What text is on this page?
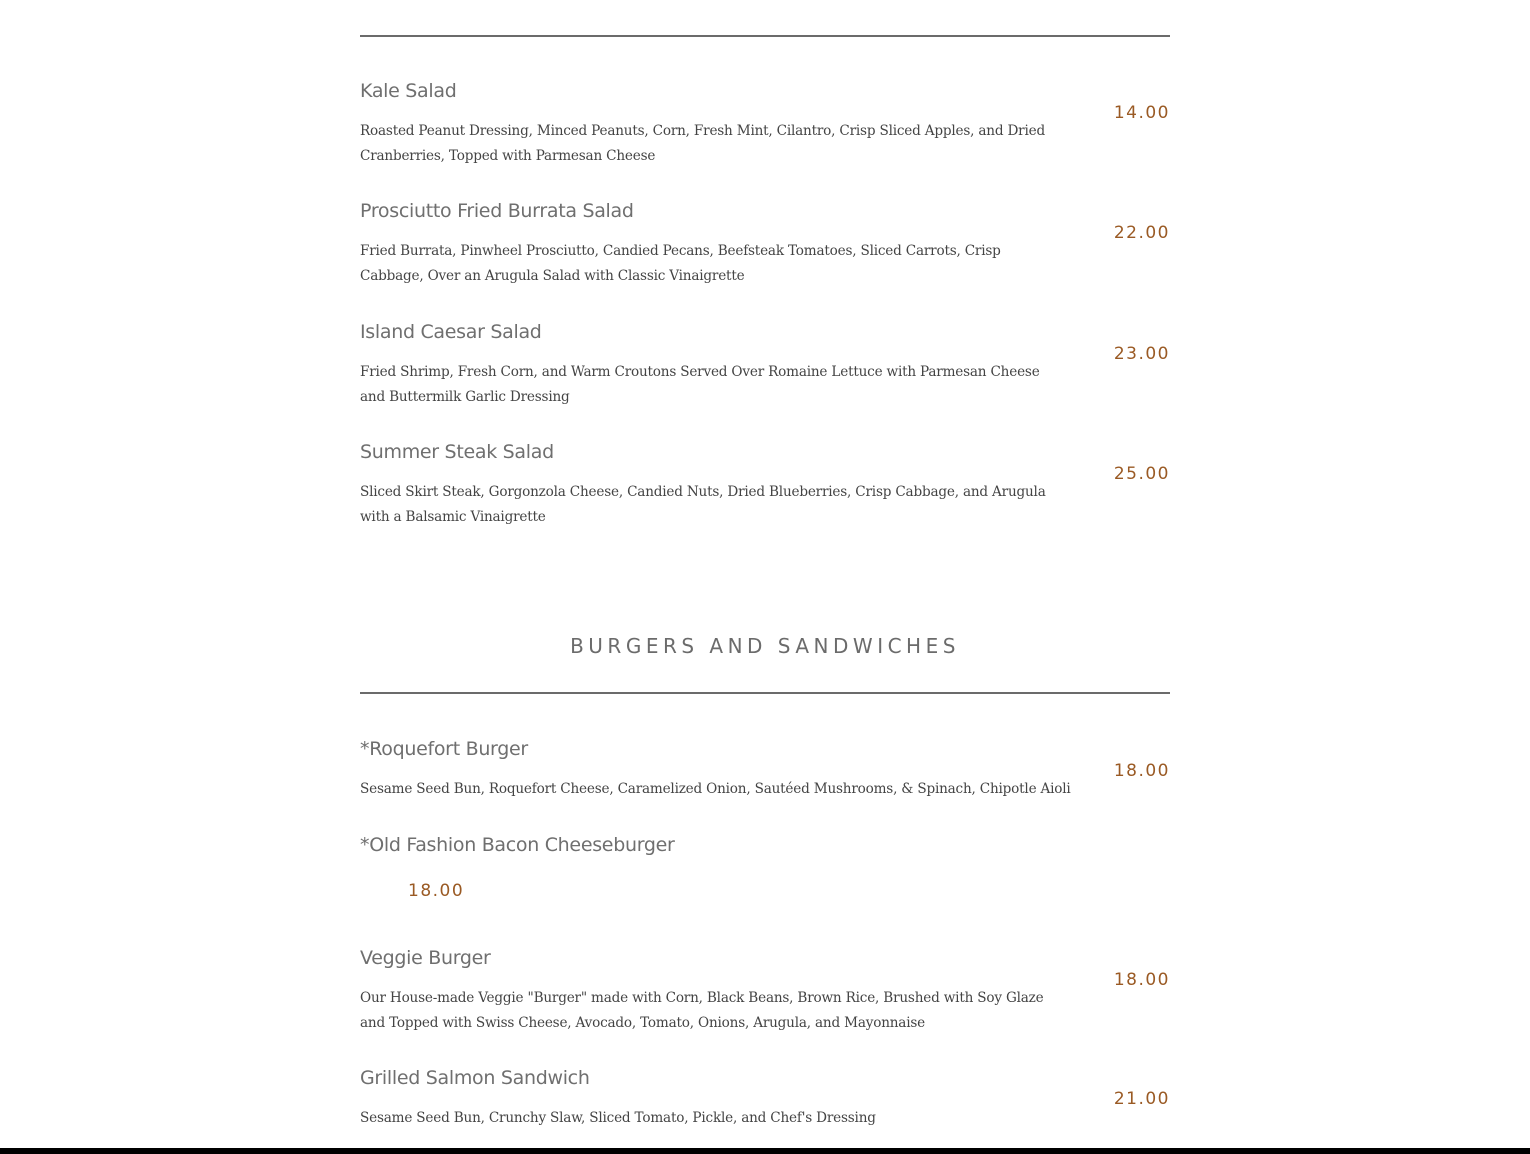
Kale Salad
Roasted Peanut Dressing, Minced Peanuts, Corn, Fresh Mint, Cilantro, Crisp Sliced Apples, and Dried Cranberries, Topped with Parmesan Cheese
14.00
Prosciutto Fried Burrata Salad
Fried Burrata, Pinwheel Prosciutto, Candied Pecans, Beefsteak Tomatoes, Sliced Carrots, Crisp Cabbage, Over an Arugula Salad with Classic Vinaigrette
22.00
Island Caesar Salad
Fried Shrimp, Fresh Corn, and Warm Croutons Served Over Romaine Lettuce with Parmesan Cheese and Buttermilk Garlic Dressing
23.00
Summer Steak Salad
Sliced Skirt Steak, Gorgonzola Cheese, Candied Nuts, Dried Blueberries, Crisp Cabbage, and Arugula with a Balsamic Vinaigrette
25.00
BURGERS AND SANDWICHES
*Roquefort Burger
Sesame Seed Bun, Roquefort Cheese, Caramelized Onion, Sautéed Mushrooms, & Spinach, Chipotle Aioli
18.00
*Old Fashion Bacon Cheeseburger
18.00
Veggie Burger
Our House-made Veggie "Burger" made with Corn, Black Beans, Brown Rice, Brushed with Soy Glaze and Topped with Swiss Cheese, Avocado, Tomato, Onions, Arugula, and Mayonnaise
18.00
Grilled Salmon Sandwich
Sesame Seed Bun, Crunchy Slaw, Sliced Tomato, Pickle, and Chef's Dressing
21.00
